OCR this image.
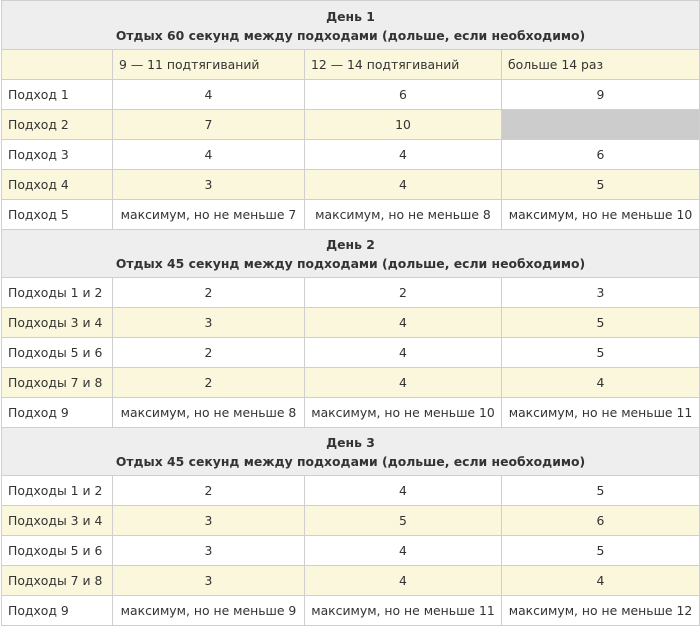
День 1
Отдых 60 секунд между подходами (дольше, если необходимо)			

	9 — 11 подтягиваний	12 — 14 подтягиваний	больше 14 раз
Подход 1	4	6	9
Подход 2	7	10	
Подход 3	4	4	6
Подход 4	3	4	5
Подход 5	максимум, но не меньше 7	максимум, но не меньше 8	максимум, но не меньше 10

День 2
Отдых 45 секунд между подходами (дольше, если необходимо)			

Подходы 1 и 2	2	2	3
Подходы 3 и 4	3	4	5
Подходы 5 и 6	2	4	5
Подходы 7 и 8	2	4	4
Подход 9	максимум, но не меньше 8	максимум, но не меньше 10	максимум, но не меньше 11

День 3
Отдых 45 секунд между подходами (дольше, если необходимо)			

Подходы 1 и 2	2	4	5
Подходы 3 и 4	3	5	6
Подходы 5 и 6	3	4	5
Подходы 7 и 8	3	4	4
Подход 9	максимум, но не меньше 9	максимум, но не меньше 11	максимум, но не меньше 12
